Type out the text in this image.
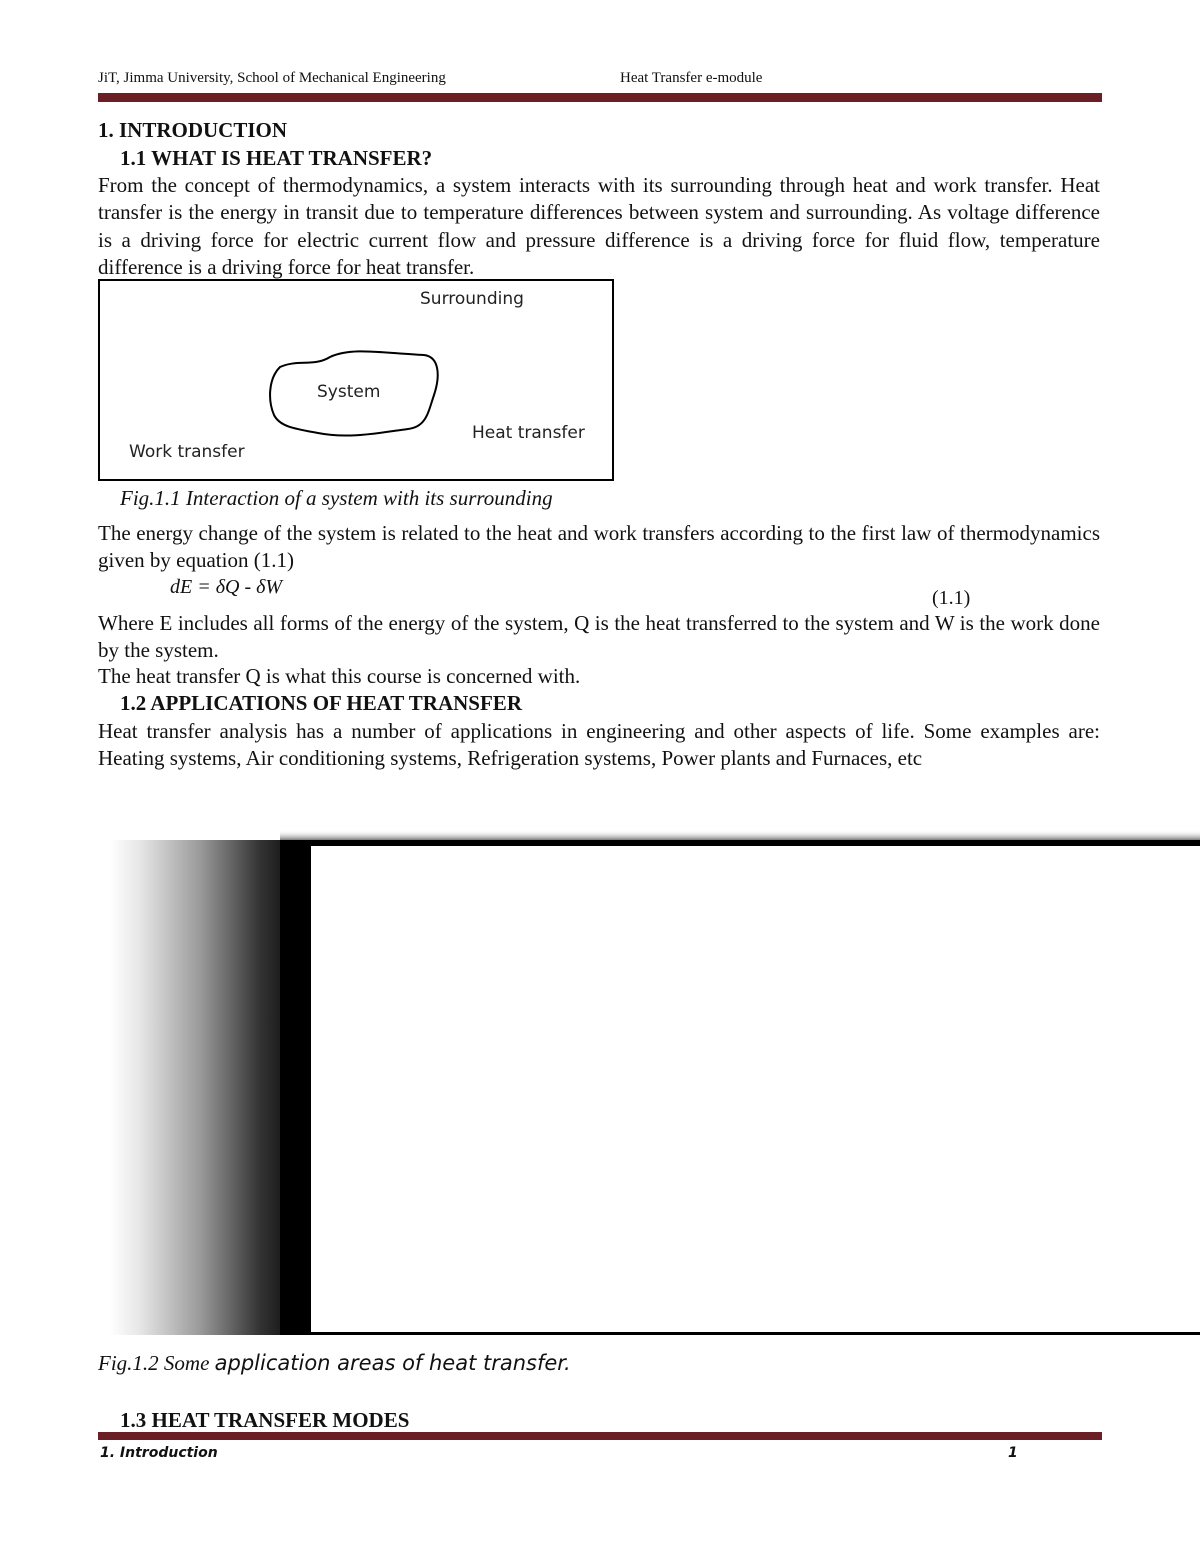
JiT, Jimma University, School of Mechanical Engineering	Heat Transfer e-module
1. INTRODUCTION
1.1 WHAT IS HEAT TRANSFER?
From the concept of thermodynamics, a system interacts with its surrounding through heat and work transfer. Heat transfer is the energy in transit due to temperature differences between system and surrounding. As voltage difference is a driving force for electric current flow and pressure difference is a driving force for fluid flow, temperature difference is a driving force for heat transfer.
Surrounding
System
Heat transfer
Work transfer
Fig.1.1 Interaction of a system with its surrounding
The energy change of the system is related to the heat and work transfers according to the first law of thermodynamics given by equation (1.1)
dE = δQ - δW	(1.1)
Where E includes all forms of the energy of the system, Q is the heat transferred to the system and W is the work done by the system.
The heat transfer Q is what this course is concerned with.
1.2 APPLICATIONS OF HEAT TRANSFER
Heat transfer analysis has a number of applications in engineering and other aspects of life. Some examples are: Heating systems, Air conditioning systems, Refrigeration systems, Power plants and Furnaces, etc
Fig.1.2 Some application areas of heat transfer.
1.3 HEAT TRANSFER MODES
1. Introduction	1
